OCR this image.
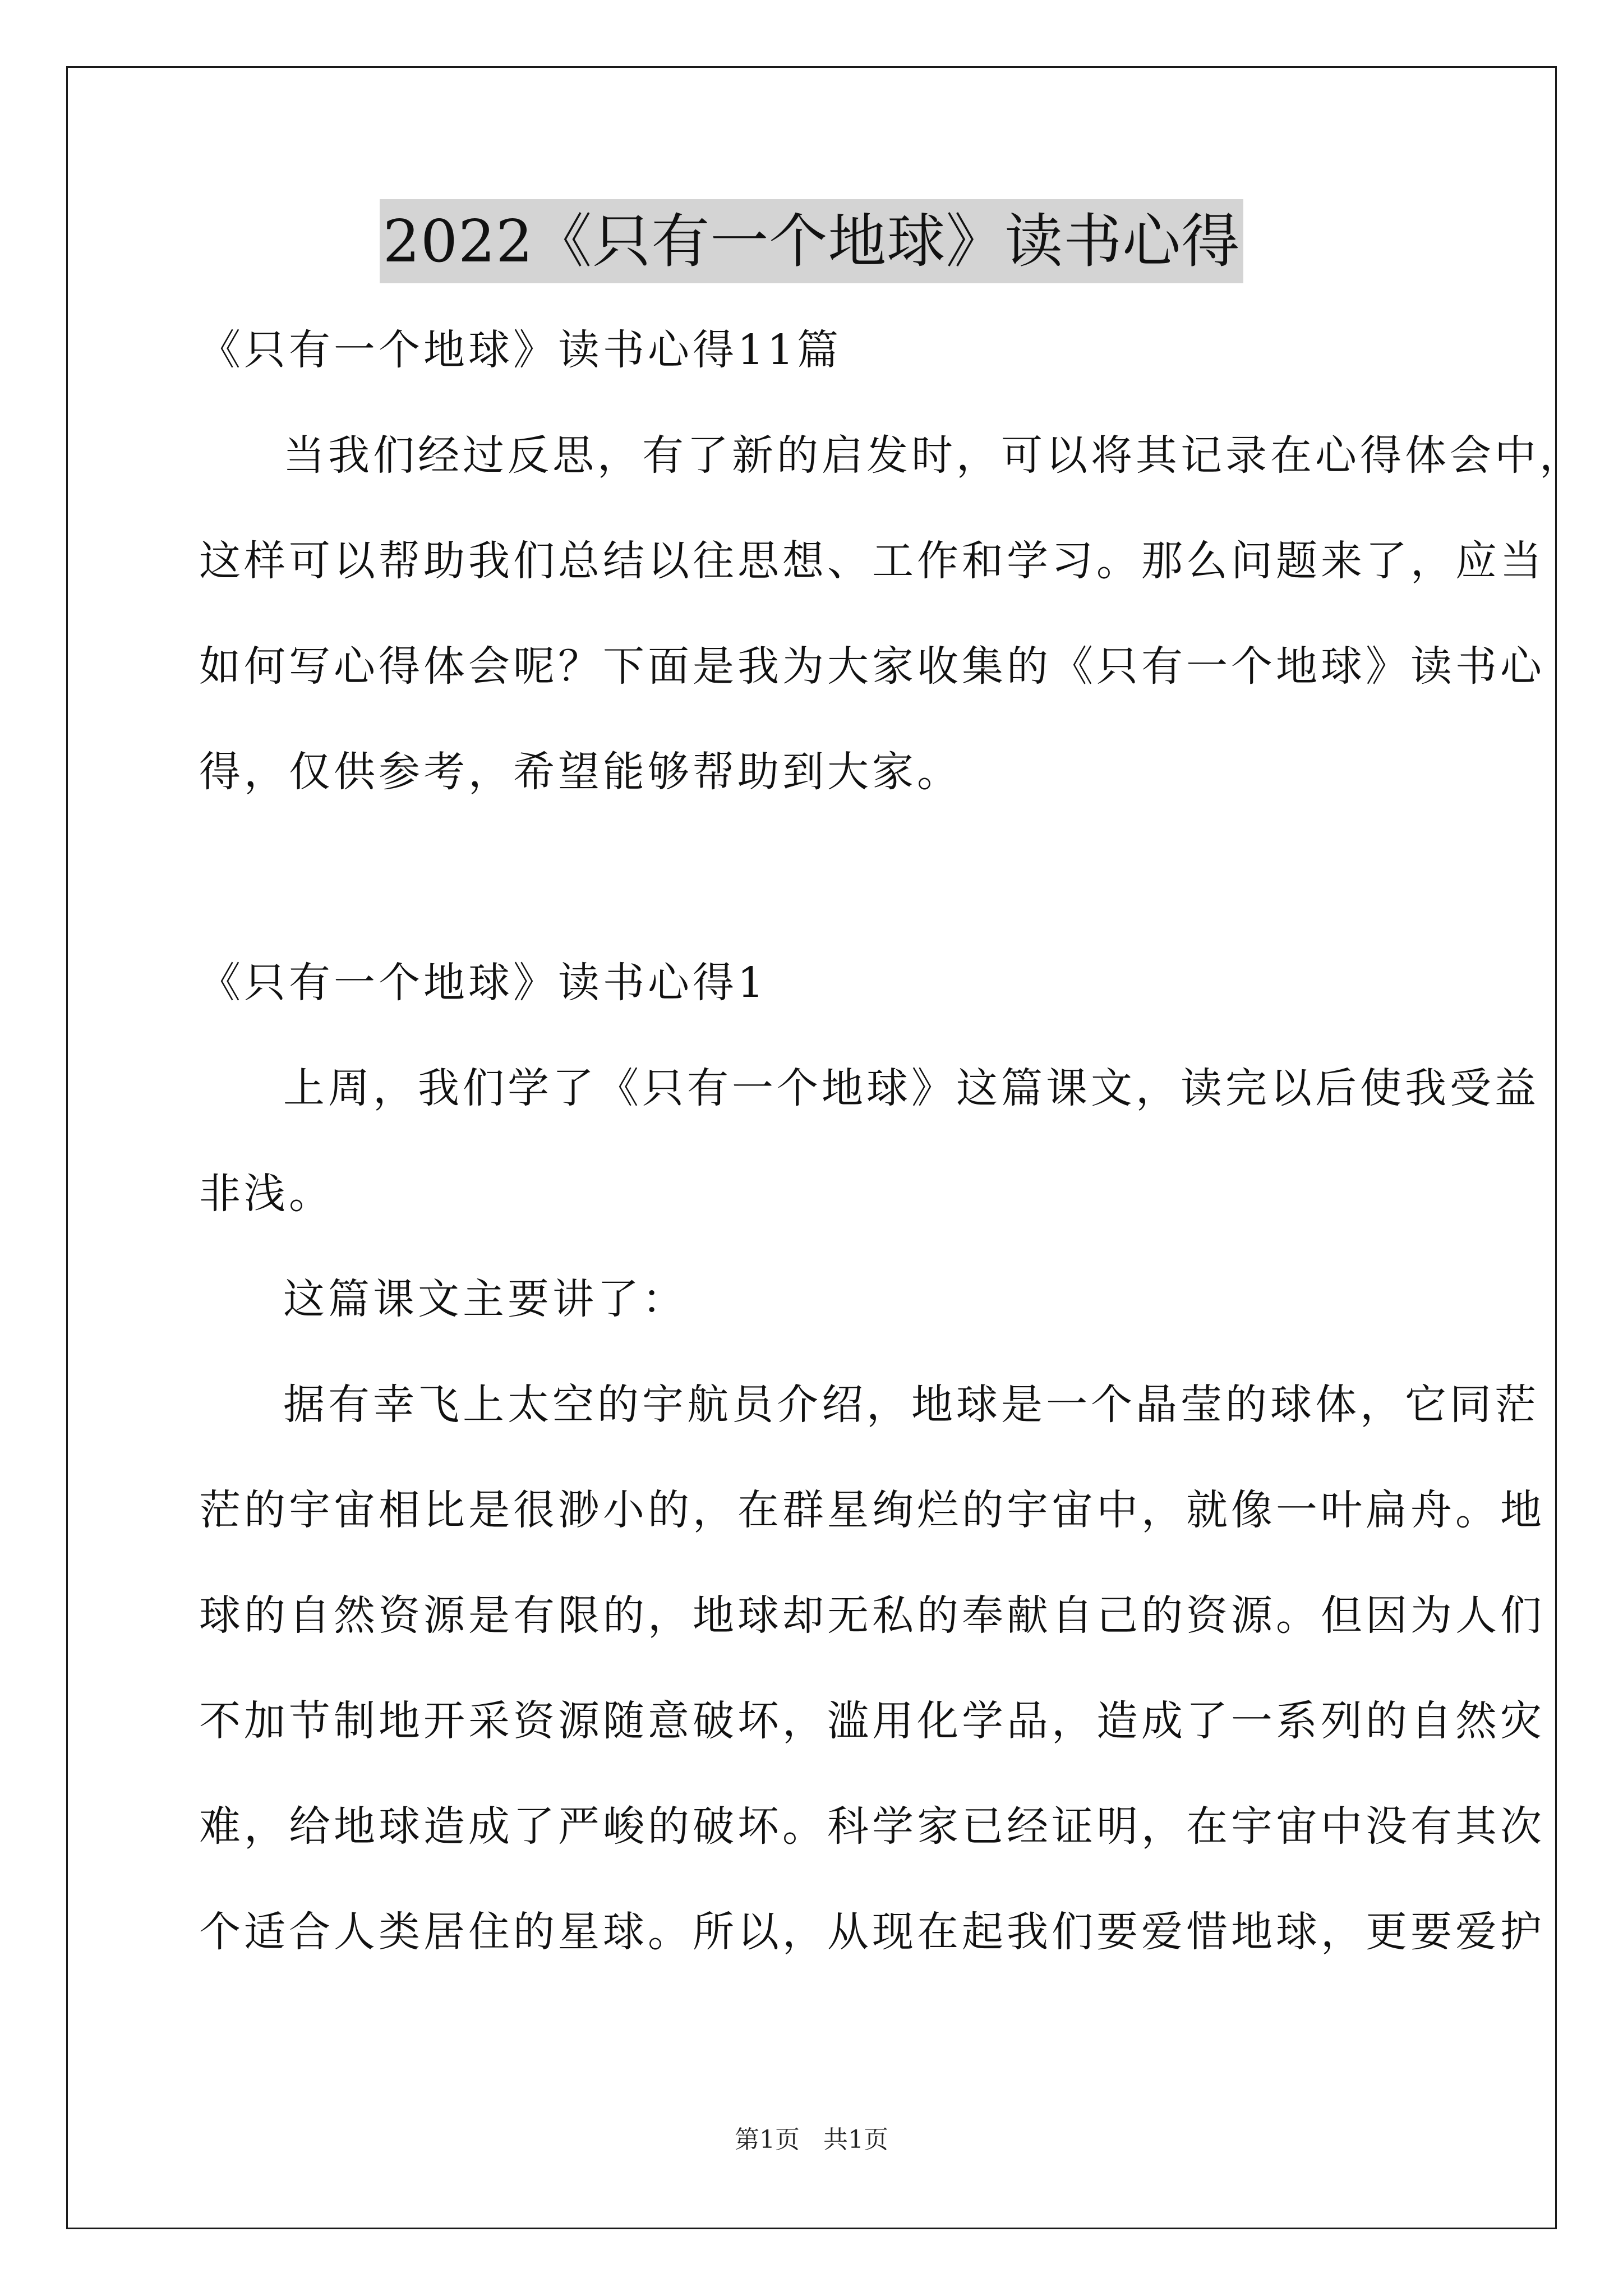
2022《只有一个地球》读书心得
《只有一个地球》读书心得11篇
当我们经过反思，有了新的启发时，可以将其记录在心得体会中，
这样可以帮助我们总结以往思想、工作和学习。那么问题来了，应当
如何写心得体会呢？下面是我为大家收集的《只有一个地球》读书心
得，仅供参考，希望能够帮助到大家。
《只有一个地球》读书心得1
上周，我们学了《只有一个地球》这篇课文，读完以后使我受益
非浅。
这篇课文主要讲了：
据有幸飞上太空的宇航员介绍，地球是一个晶莹的球体，它同茫
茫的宇宙相比是很渺小的，在群星绚烂的宇宙中，就像一叶扁舟。地
球的自然资源是有限的，地球却无私的奉献自己的资源。但因为人们
不加节制地开采资源随意破坏，滥用化学品，造成了一系列的自然灾
难，给地球造成了严峻的破坏。科学家已经证明，在宇宙中没有其次
个适合人类居住的星球。所以，从现在起我们要爱惜地球，更要爱护
第1页 共1页
